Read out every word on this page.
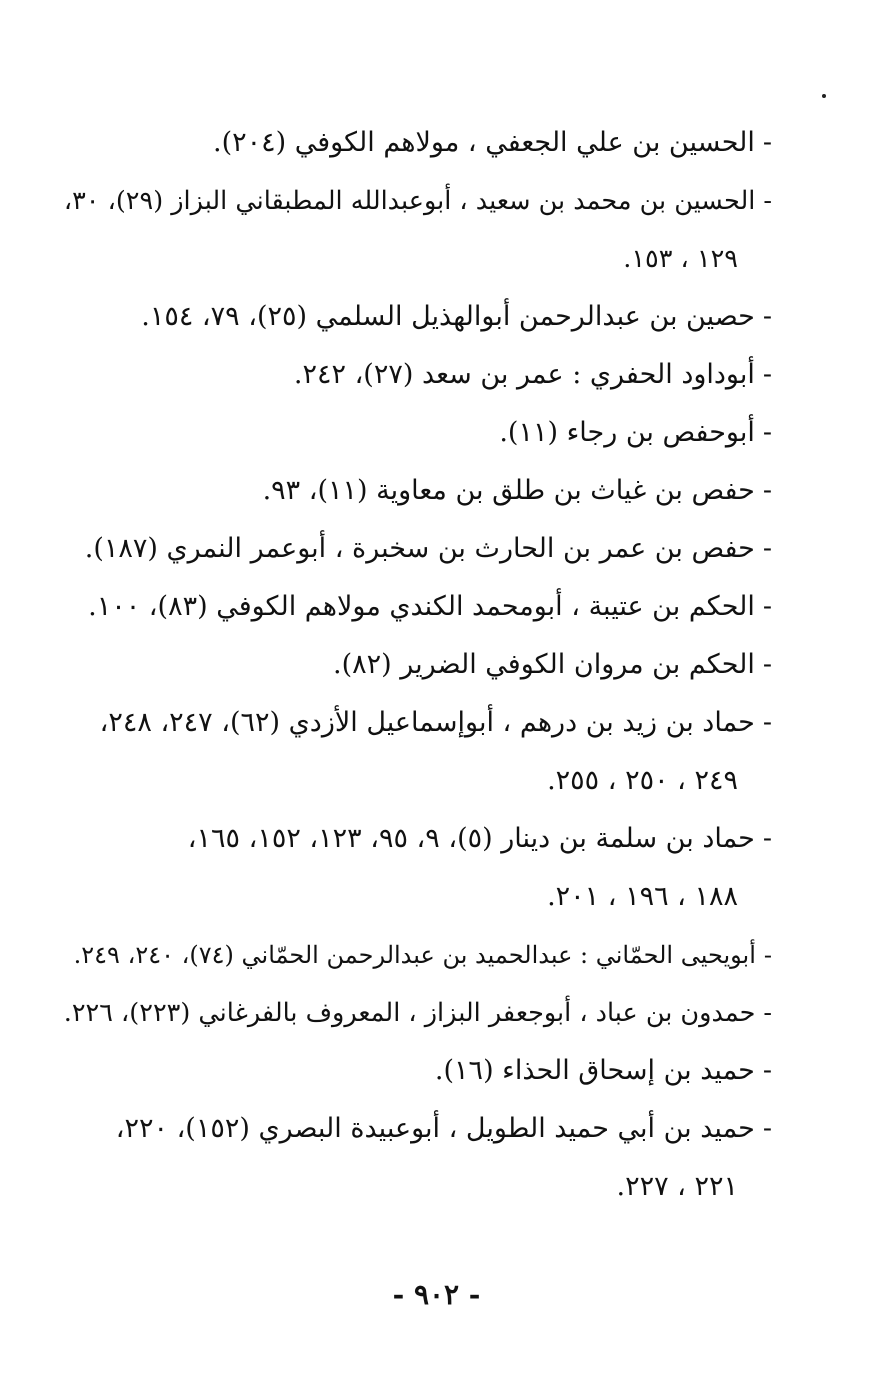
-الحسين بن علي الجعفي ، مولاهم الكوفي (٢٠٤).
-الحسين بن محمد بن سعيد ، أبوعبدالله المطبقاني البزاز (٢٩)، ٣٠،
١٢٩ ، ١٥٣.
-حصين بن عبدالرحمن أبوالهذيل السلمي (٢٥)، ٧٩، ١٥٤.
-أبوداود الحفري : عمر بن سعد (٢٧)، ٢٤٢.
-أبوحفص بن رجاء (١١).
-حفص بن غياث بن طلق بن معاوية (١١)، ٩٣.
-حفص بن عمر بن الحارث بن سخبرة ، أبوعمر النمري (١٨٧).
-الحكم بن عتيبة ، أبومحمد الكندي مولاهم الكوفي (٨٣)، ١٠٠.
-الحكم بن مروان الكوفي الضرير (٨٢).
-حماد بن زيد بن درهم ، أبوإسماعيل الأزدي (٦٢)، ٢٤٧، ٢٤٨،
٢٤٩ ، ٢٥٠ ، ٢٥٥.
-حماد بن سلمة بن دينار (٥)، ٩، ٩٥، ١٢٣، ١٥٢، ١٦٥،
١٨٨ ، ١٩٦ ، ٢٠١.
-أبويحيى الحمّاني : عبدالحميد بن عبدالرحمن الحمّاني (٧٤)، ٢٤٠، ٢٤٩.
-حمدون بن عباد ، أبوجعفر البزاز ، المعروف بالفرغاني (٢٢٣)، ٢٢٦.
-حميد بن إسحاق الحذاء (١٦).
-حميد بن أبي حميد الطويل ، أبوعبيدة البصري (١٥٢)، ٢٢٠،
٢٢١ ، ٢٢٧.
- ٩٠٢ -
